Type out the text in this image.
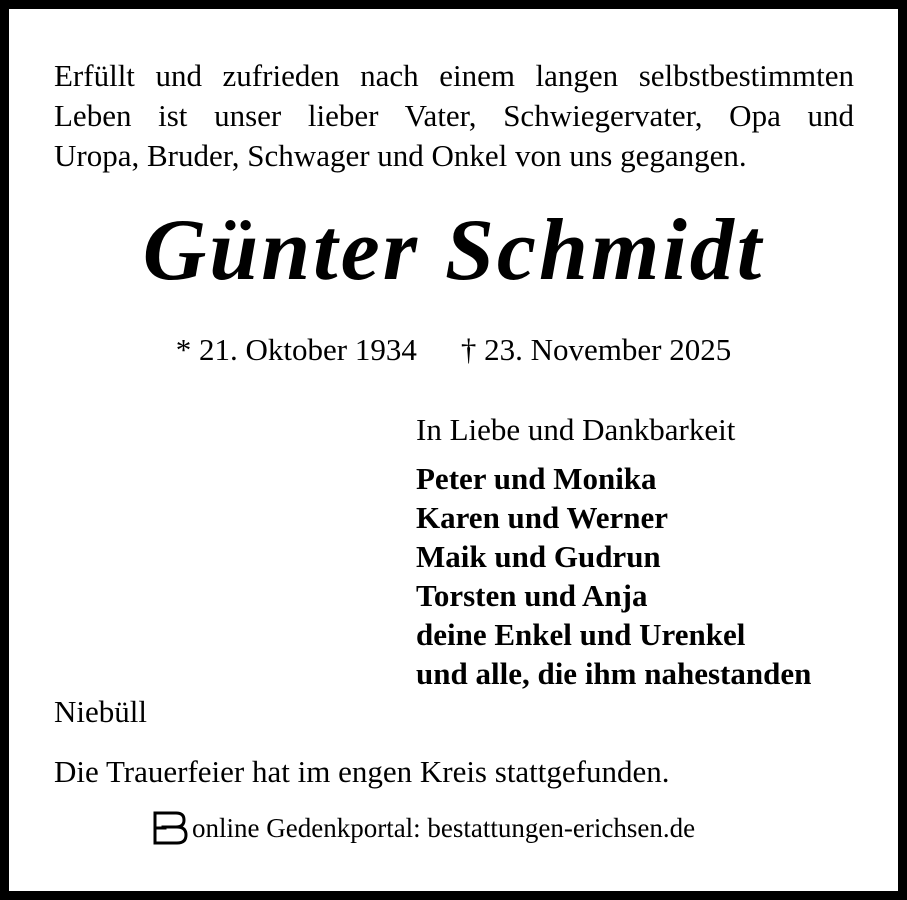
Erfüllt und zufrieden nach einem langen selbstbestimmten
Leben ist unser lieber Vater, Schwiegervater, Opa und
Uropa, Bruder, Schwager und Onkel von uns gegangen.
Günter Schmidt
* 21. Oktober 1934 † 23. November 2025
In Liebe und Dankbarkeit
Peter und Monika
Karen und Werner
Maik und Gudrun
Torsten und Anja
deine Enkel und Urenkel
und alle, die ihm nahestanden
Niebüll
Die Trauerfeier hat im engen Kreis stattgefunden.
online Gedenkportal: bestattungen-erichsen.de
